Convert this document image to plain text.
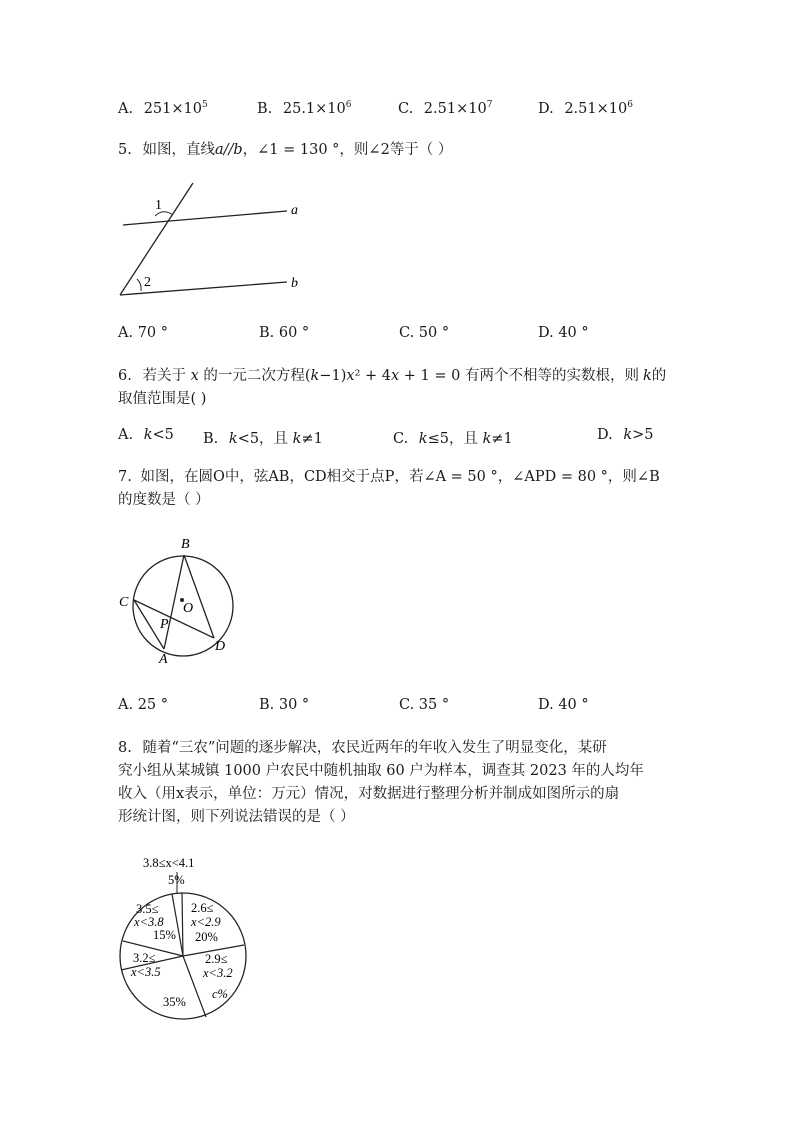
A. $251\times 10^5$	B. $25.1\times 10^6$	C. $2.51\times 10^7$	D. $2.51\times 10^6$
5. 如图，直线a//b，∠1 = 130 °，则∠2等于（ ）
1
2
a
b
A. 70 °	B. 60 °	C. 50 °	D. 40 °
6. 若关于 x 的一元二次方程(k−1)x² + 4x + 1 = 0 有两个不相等的实数根，则 k的
取值范围是( )
A. k<5 B. k<5，且 k≠1	C. k≤5，且 k≠1	D. k>5
7. 如图，在圆O中，弦AB，CD相交于点P，若∠A = 50 °，∠APD = 80 °，则∠B
的度数是（ ）
B
C	O
P
A
D
A. 25 °	B. 30 °	C. 35 °	D. 40 °
8. 随着“三农”问题的逐步解决，农民近两年的年收入发生了明显变化，某研
究小组从某城镇 1000 户农民中随机抽取 60 户为样本，调查其 2023 年的人均年
收入（用x表示，单位：万元）情况，对数据进行整理分析并制成如图所示的扇
形统计图，则下列说法错误的是（ ）
3.8≤x<4.1
5%
2.6≤
x<2.9
20%
2.9≤
x<3.2
c%
3.2≤
x<3.5
35%
3.5≤
x<3.8
15%
